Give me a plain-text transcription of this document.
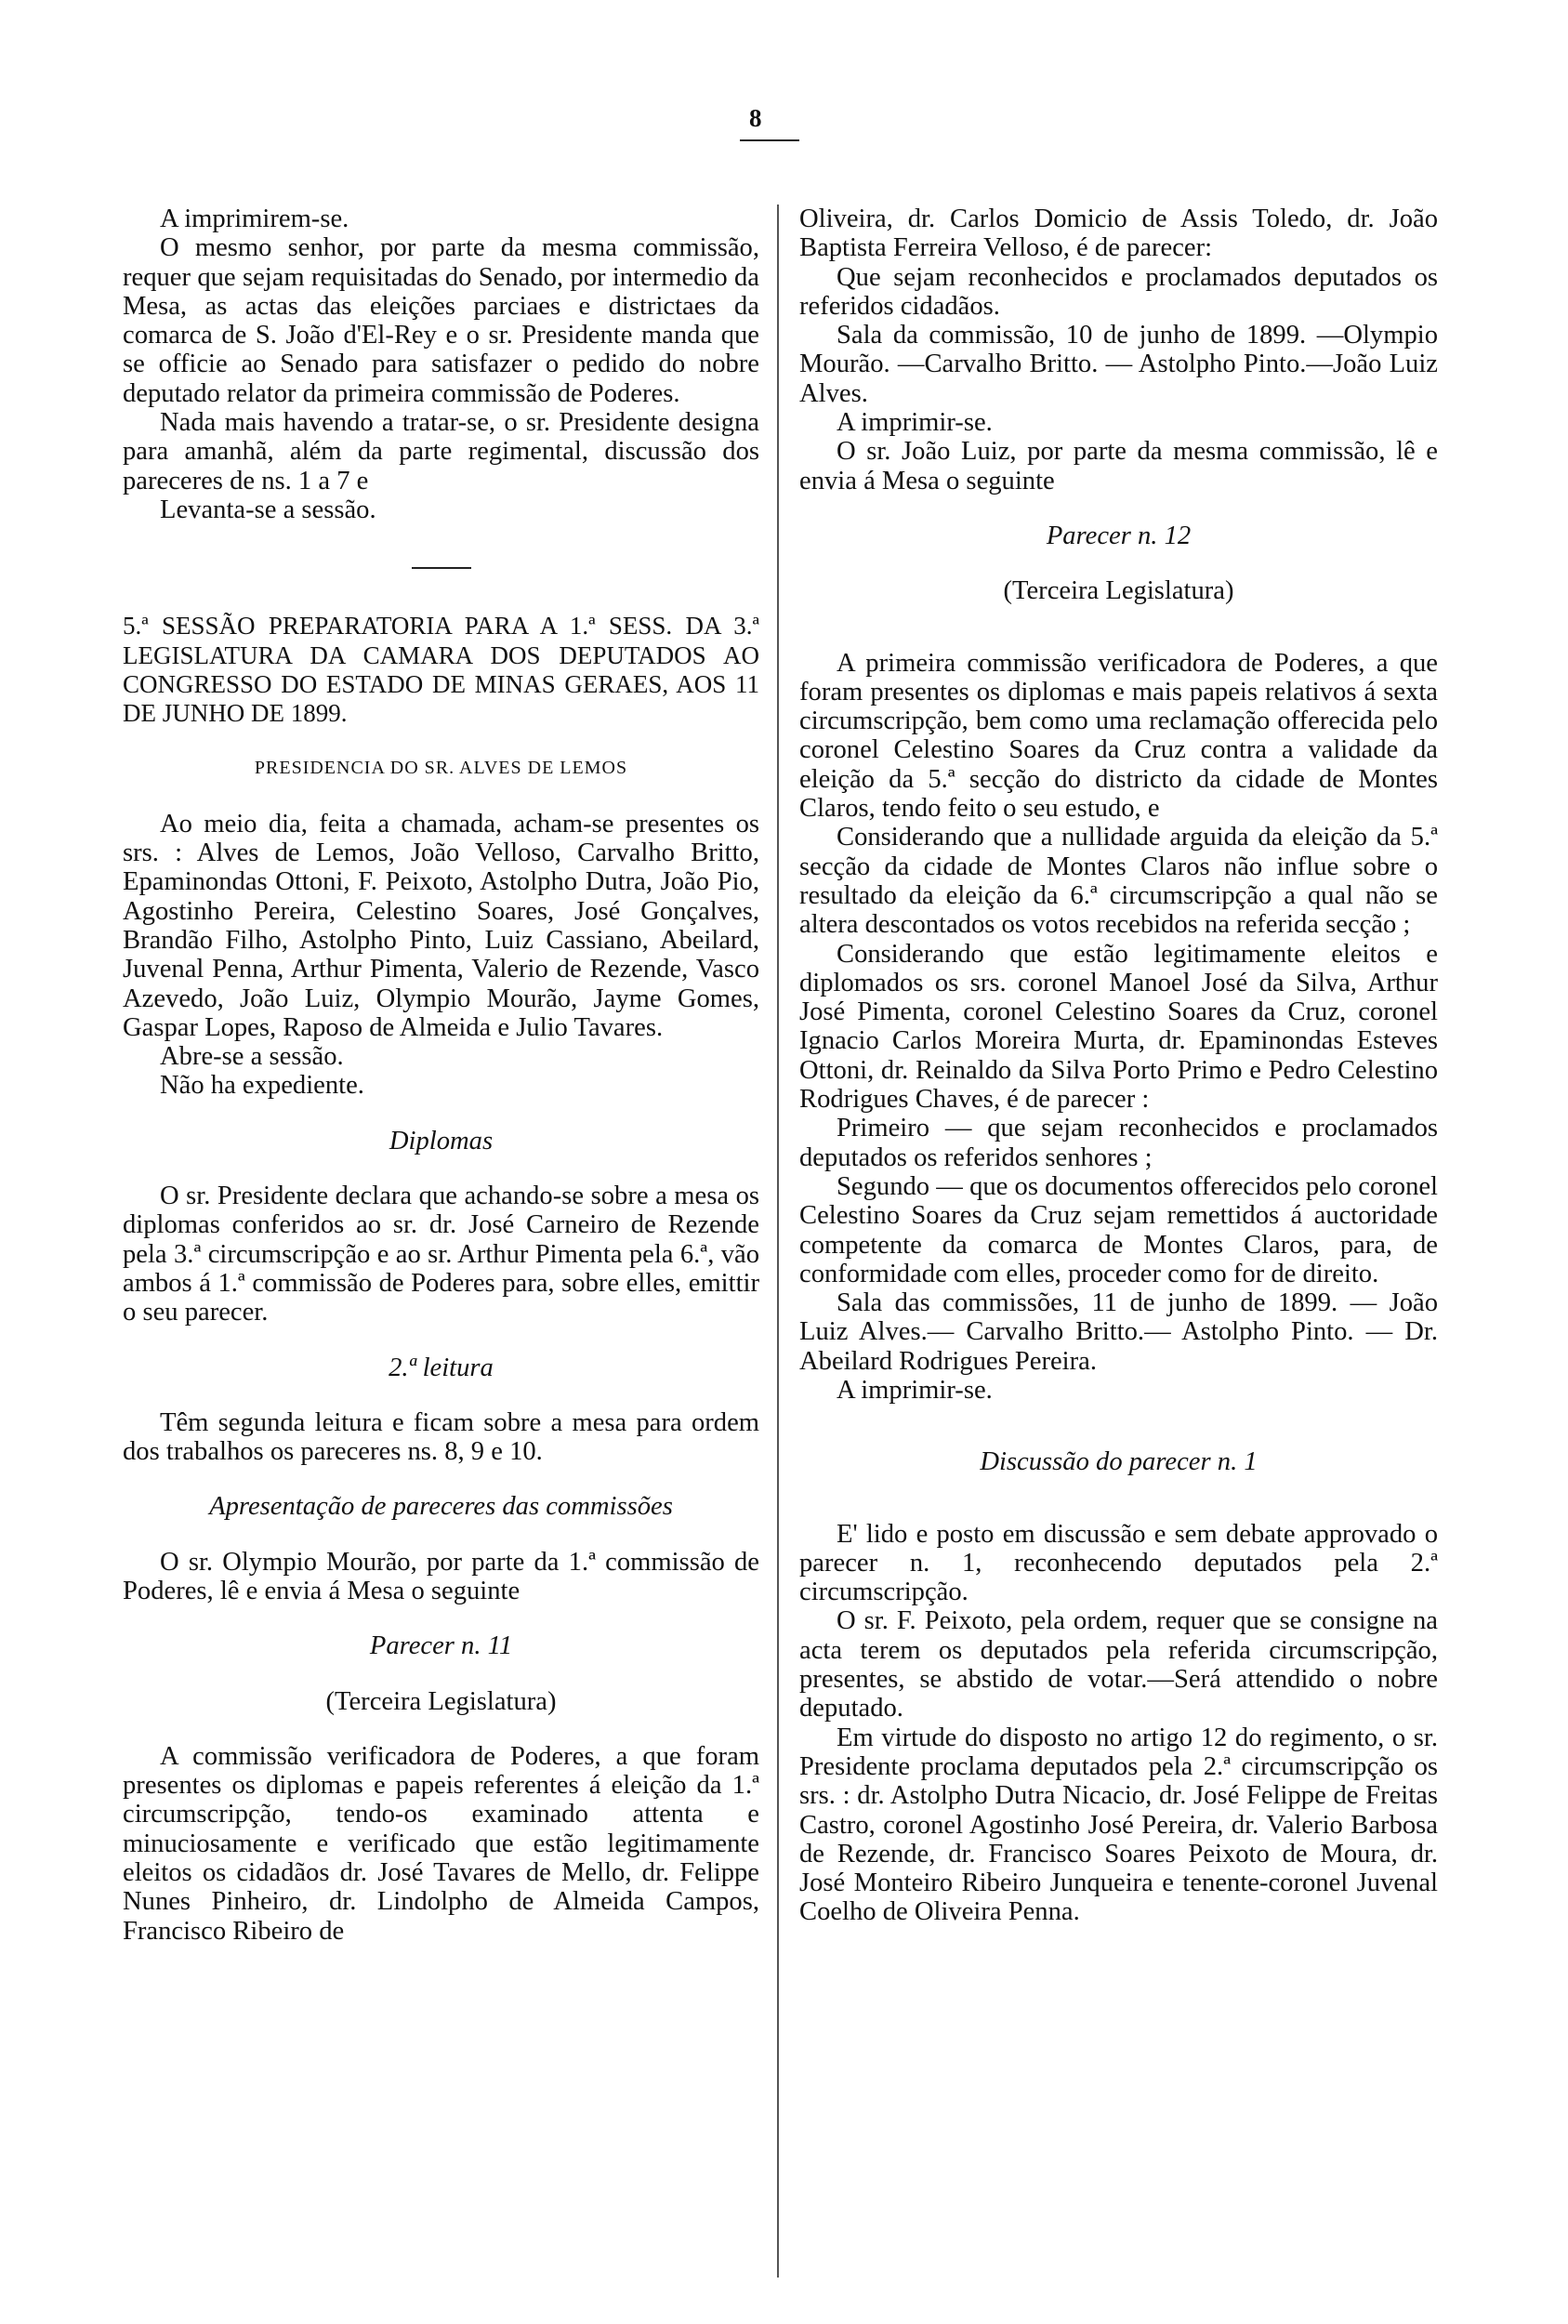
8

A imprimirem-se.

O mesmo senhor, por parte da mesma commissão, requer que sejam requisitadas do Senado, por intermedio da Mesa, as actas das eleições parciaes e districtaes da comarca de S. João d'El-Rey e o sr. Presidente manda que se officie ao Senado para satisfazer o pedido do nobre deputado relator da primeira commissão de Poderes.

Nada mais havendo a tratar-se, o sr. Presidente designa para amanhã, além da parte regimental, discussão dos pareceres de ns. 1 a 7 e

Levanta-se a sessão.

5.ª SESSÃO PREPARATORIA PARA A 1.ª SESS. DA 3.ª LEGISLATURA DA CAMARA DOS DEPUTADOS AO CONGRESSO DO ESTADO DE MINAS GERAES, AOS 11 DE JUNHO DE 1899.

PRESIDENCIA DO SR. ALVES DE LEMOS

Ao meio dia, feita a chamada, acham-se presentes os srs. : Alves de Lemos, João Velloso, Carvalho Britto, Epaminondas Ottoni, F. Peixoto, Astolpho Dutra, João Pio, Agostinho Pereira, Celestino Soares, José Gonçalves, Brandão Filho, Astolpho Pinto, Luiz Cassiano, Abeilard, Juvenal Penna, Arthur Pimenta, Valerio de Rezende, Vasco Azevedo, João Luiz, Olympio Mourão, Jayme Gomes, Gaspar Lopes, Raposo de Almeida e Julio Tavares.

Abre-se a sessão.

Não ha expediente.

Diplomas

O sr. Presidente declara que achando-se sobre a mesa os diplomas conferidos ao sr. dr. José Carneiro de Rezende pela 3.ª circumscripção e ao sr. Arthur Pimenta pela 6.ª, vão ambos á 1.ª commissão de Poderes para, sobre elles, emittir o seu parecer.

2.ª leitura

Têm segunda leitura e ficam sobre a mesa para ordem dos trabalhos os pareceres ns. 8, 9 e 10.

Apresentação de pareceres das commissões

O sr. Olympio Mourão, por parte da 1.ª commissão de Poderes, lê e envia á Mesa o seguinte

Parecer n. 11

(Terceira Legislatura)

A commissão verificadora de Poderes, a que foram presentes os diplomas e papeis referentes á eleição da 1.ª circumscripção, tendo-os examinado attenta e minuciosamente e verificado que estão legitimamente eleitos os cidadãos dr. José Tavares de Mello, dr. Felippe Nunes Pinheiro, dr. Lindolpho de Almeida Campos, Francisco Ribeiro de

Oliveira, dr. Carlos Domicio de Assis Toledo, dr. João Baptista Ferreira Velloso, é de parecer:

Que sejam reconhecidos e proclamados deputados os referidos cidadãos.

Sala da commissão, 10 de junho de 1899. —Olympio Mourão. —Carvalho Britto. — Astolpho Pinto.—João Luiz Alves.

A imprimir-se.

O sr. João Luiz, por parte da mesma commissão, lê e envia á Mesa o seguinte

Parecer n. 12

(Terceira Legislatura)

A primeira commissão verificadora de Poderes, a que foram presentes os diplomas e mais papeis relativos á sexta circumscripção, bem como uma reclamação offerecida pelo coronel Celestino Soares da Cruz contra a validade da eleição da 5.ª secção do districto da cidade de Montes Claros, tendo feito o seu estudo, e

Considerando que a nullidade arguida da eleição da 5.ª secção da cidade de Montes Claros não influe sobre o resultado da eleição da 6.ª circumscripção a qual não se altera descontados os votos recebidos na referida secção ;

Considerando que estão legitimamente eleitos e diplomados os srs. coronel Manoel José da Silva, Arthur José Pimenta, coronel Celestino Soares da Cruz, coronel Ignacio Carlos Moreira Murta, dr. Epaminondas Esteves Ottoni, dr. Reinaldo da Silva Porto Primo e Pedro Celestino Rodrigues Chaves, é de parecer :

Primeiro — que sejam reconhecidos e proclamados deputados os referidos senhores ;

Segundo — que os documentos offerecidos pelo coronel Celestino Soares da Cruz sejam remettidos á auctoridade competente da comarca de Montes Claros, para, de conformidade com elles, proceder como for de direito.

Sala das commissões, 11 de junho de 1899. — João Luiz Alves.— Carvalho Britto.— Astolpho Pinto. — Dr. Abeilard Rodrigues Pereira.

A imprimir-se.

Discussão do parecer n. 1

E' lido e posto em discussão e sem debate approvado o parecer n. 1, reconhecendo deputados pela 2.ª circumscripção.

O sr. F. Peixoto, pela ordem, requer que se consigne na acta terem os deputados pela referida circumscripção, presentes, se abstido de votar.—Será attendido o nobre deputado.

Em virtude do disposto no artigo 12 do regimento, o sr. Presidente proclama deputados pela 2.ª circumscripção os srs. : dr. Astolpho Dutra Nicacio, dr. José Felippe de Freitas Castro, coronel Agostinho José Pereira, dr. Valerio Barbosa de Rezende, dr. Francisco Soares Peixoto de Moura, dr. José Monteiro Ribeiro Junqueira e tenente-coronel Juvenal Coelho de Oliveira Penna.
